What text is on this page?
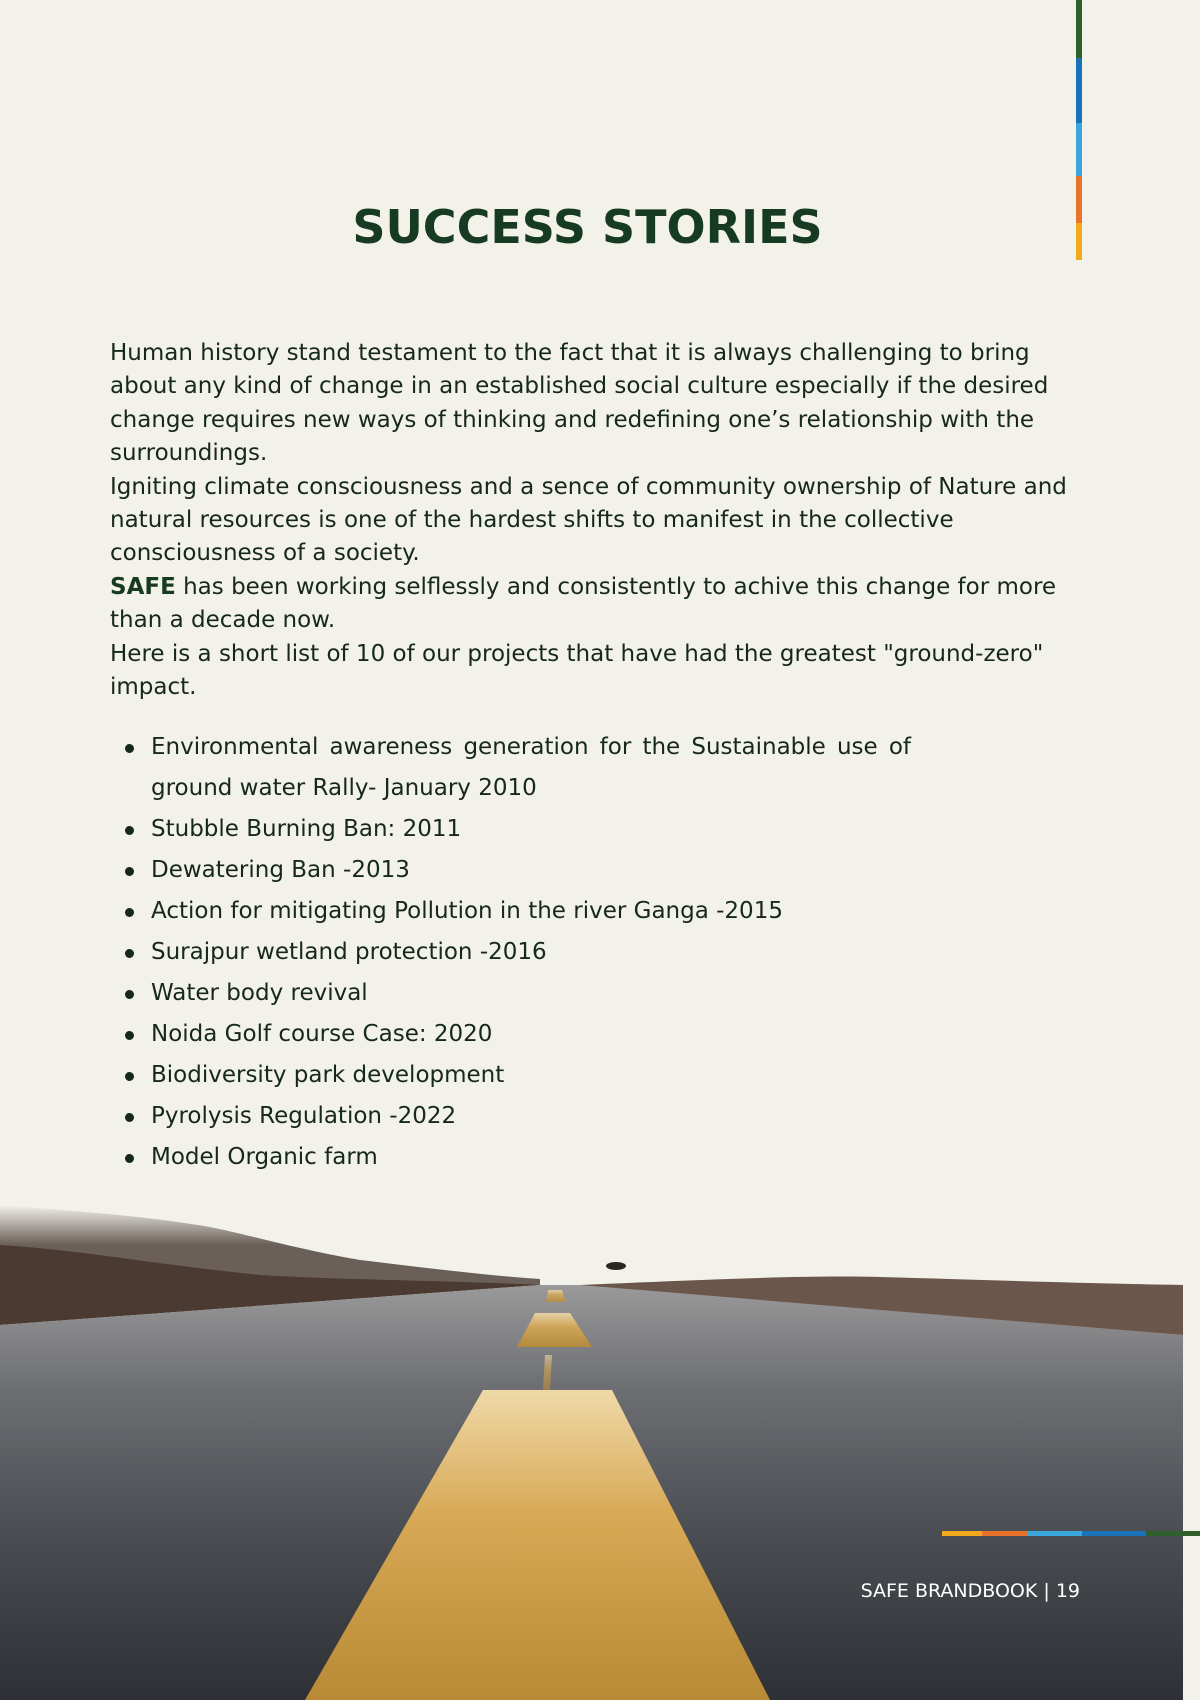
SUCCESS STORIES

Human history stand testament to the fact that it is always challenging to bring about any kind of change in an established social culture especially if the desired change requires new ways of thinking and redefining one’s relationship with the surroundings.

Igniting climate consciousness and a sence of community ownership of Nature and natural resources is one of the hardest shifts to manifest in the collective consciousness of a society.

SAFE has been working selflessly and consistently to achive this change for more than a decade now.

Here is a short list of 10 of our projects that have had the greatest "ground-zero" impact.

Environmental awareness generation for the Sustainable use of ground water Rally- January 2010
Stubble Burning Ban: 2011
Dewatering Ban -2013
Action for mitigating Pollution in the river Ganga -2015
Surajpur wetland protection -2016
Water body revival
Noida Golf course Case: 2020
Biodiversity park development
Pyrolysis Regulation -2022
Model Organic farm
SAFE BRANDBOOK | 19
